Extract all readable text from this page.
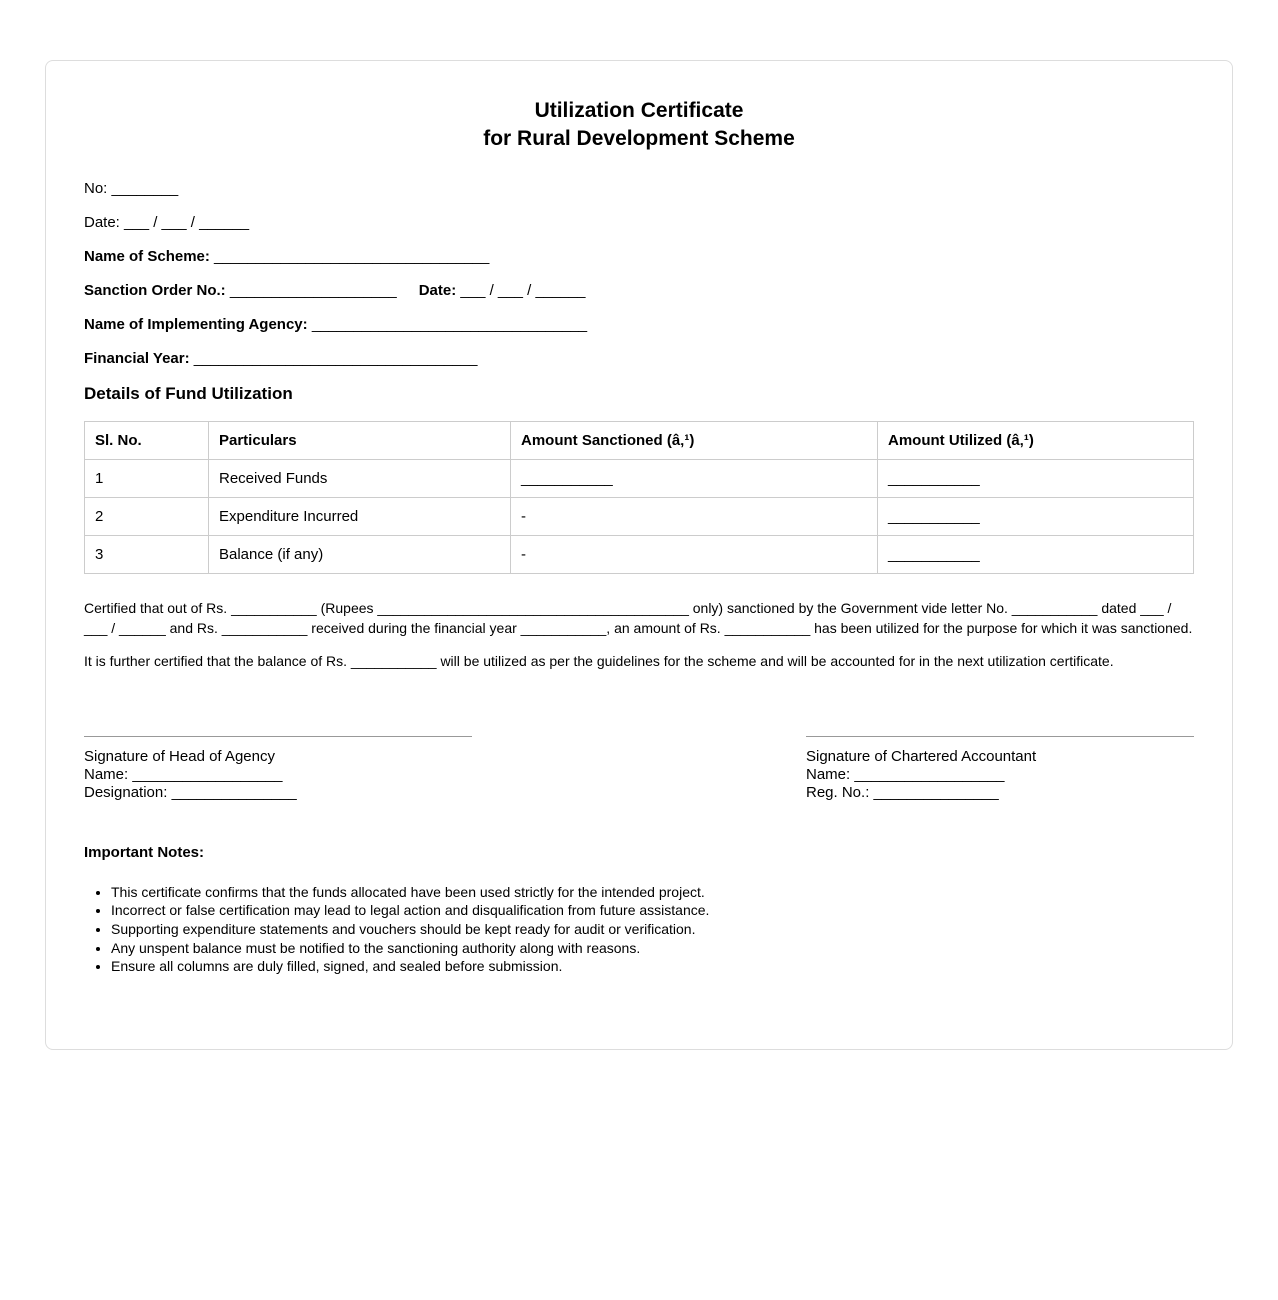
Utilization Certificate
for Rural Development Scheme
No: ________
Date: ___ / ___ / ______
Name of Scheme: _________________________________
Sanction Order No.: ____________________ Date: ___ / ___ / ______
Name of Implementing Agency: _________________________________
Financial Year: __________________________________
Details of Fund Utilization
Sl. No.	Particulars	Amount Sanctioned (â‚¹)	Amount Utilized (â‚¹)
1	Received Funds	___________	___________
2	Expenditure Incurred	-	___________
3	Balance (if any)	-	___________

Certified that out of Rs. ___________ (Rupees ________________________________________ only) sanctioned by the Government vide letter No. ___________ dated ___ / ___ / ______ and Rs. ___________ received during the financial year ___________, an amount of Rs. ___________ has been utilized for the purpose for which it was sanctioned.

It is further certified that the balance of Rs. ___________ will be utilized as per the guidelines for the scheme and will be accounted for in the next utilization certificate.

Signature of Head of Agency
Name: __________________
Designation: _______________
Signature of Chartered Accountant
Name: __________________
Reg. No.: _______________
Important Notes:
• This certificate confirms that the funds allocated have been used strictly for the intended project.
• Incorrect or false certification may lead to legal action and disqualification from future assistance.
• Supporting expenditure statements and vouchers should be kept ready for audit or verification.
• Any unspent balance must be notified to the sanctioning authority along with reasons.
• Ensure all columns are duly filled, signed, and sealed before submission.
